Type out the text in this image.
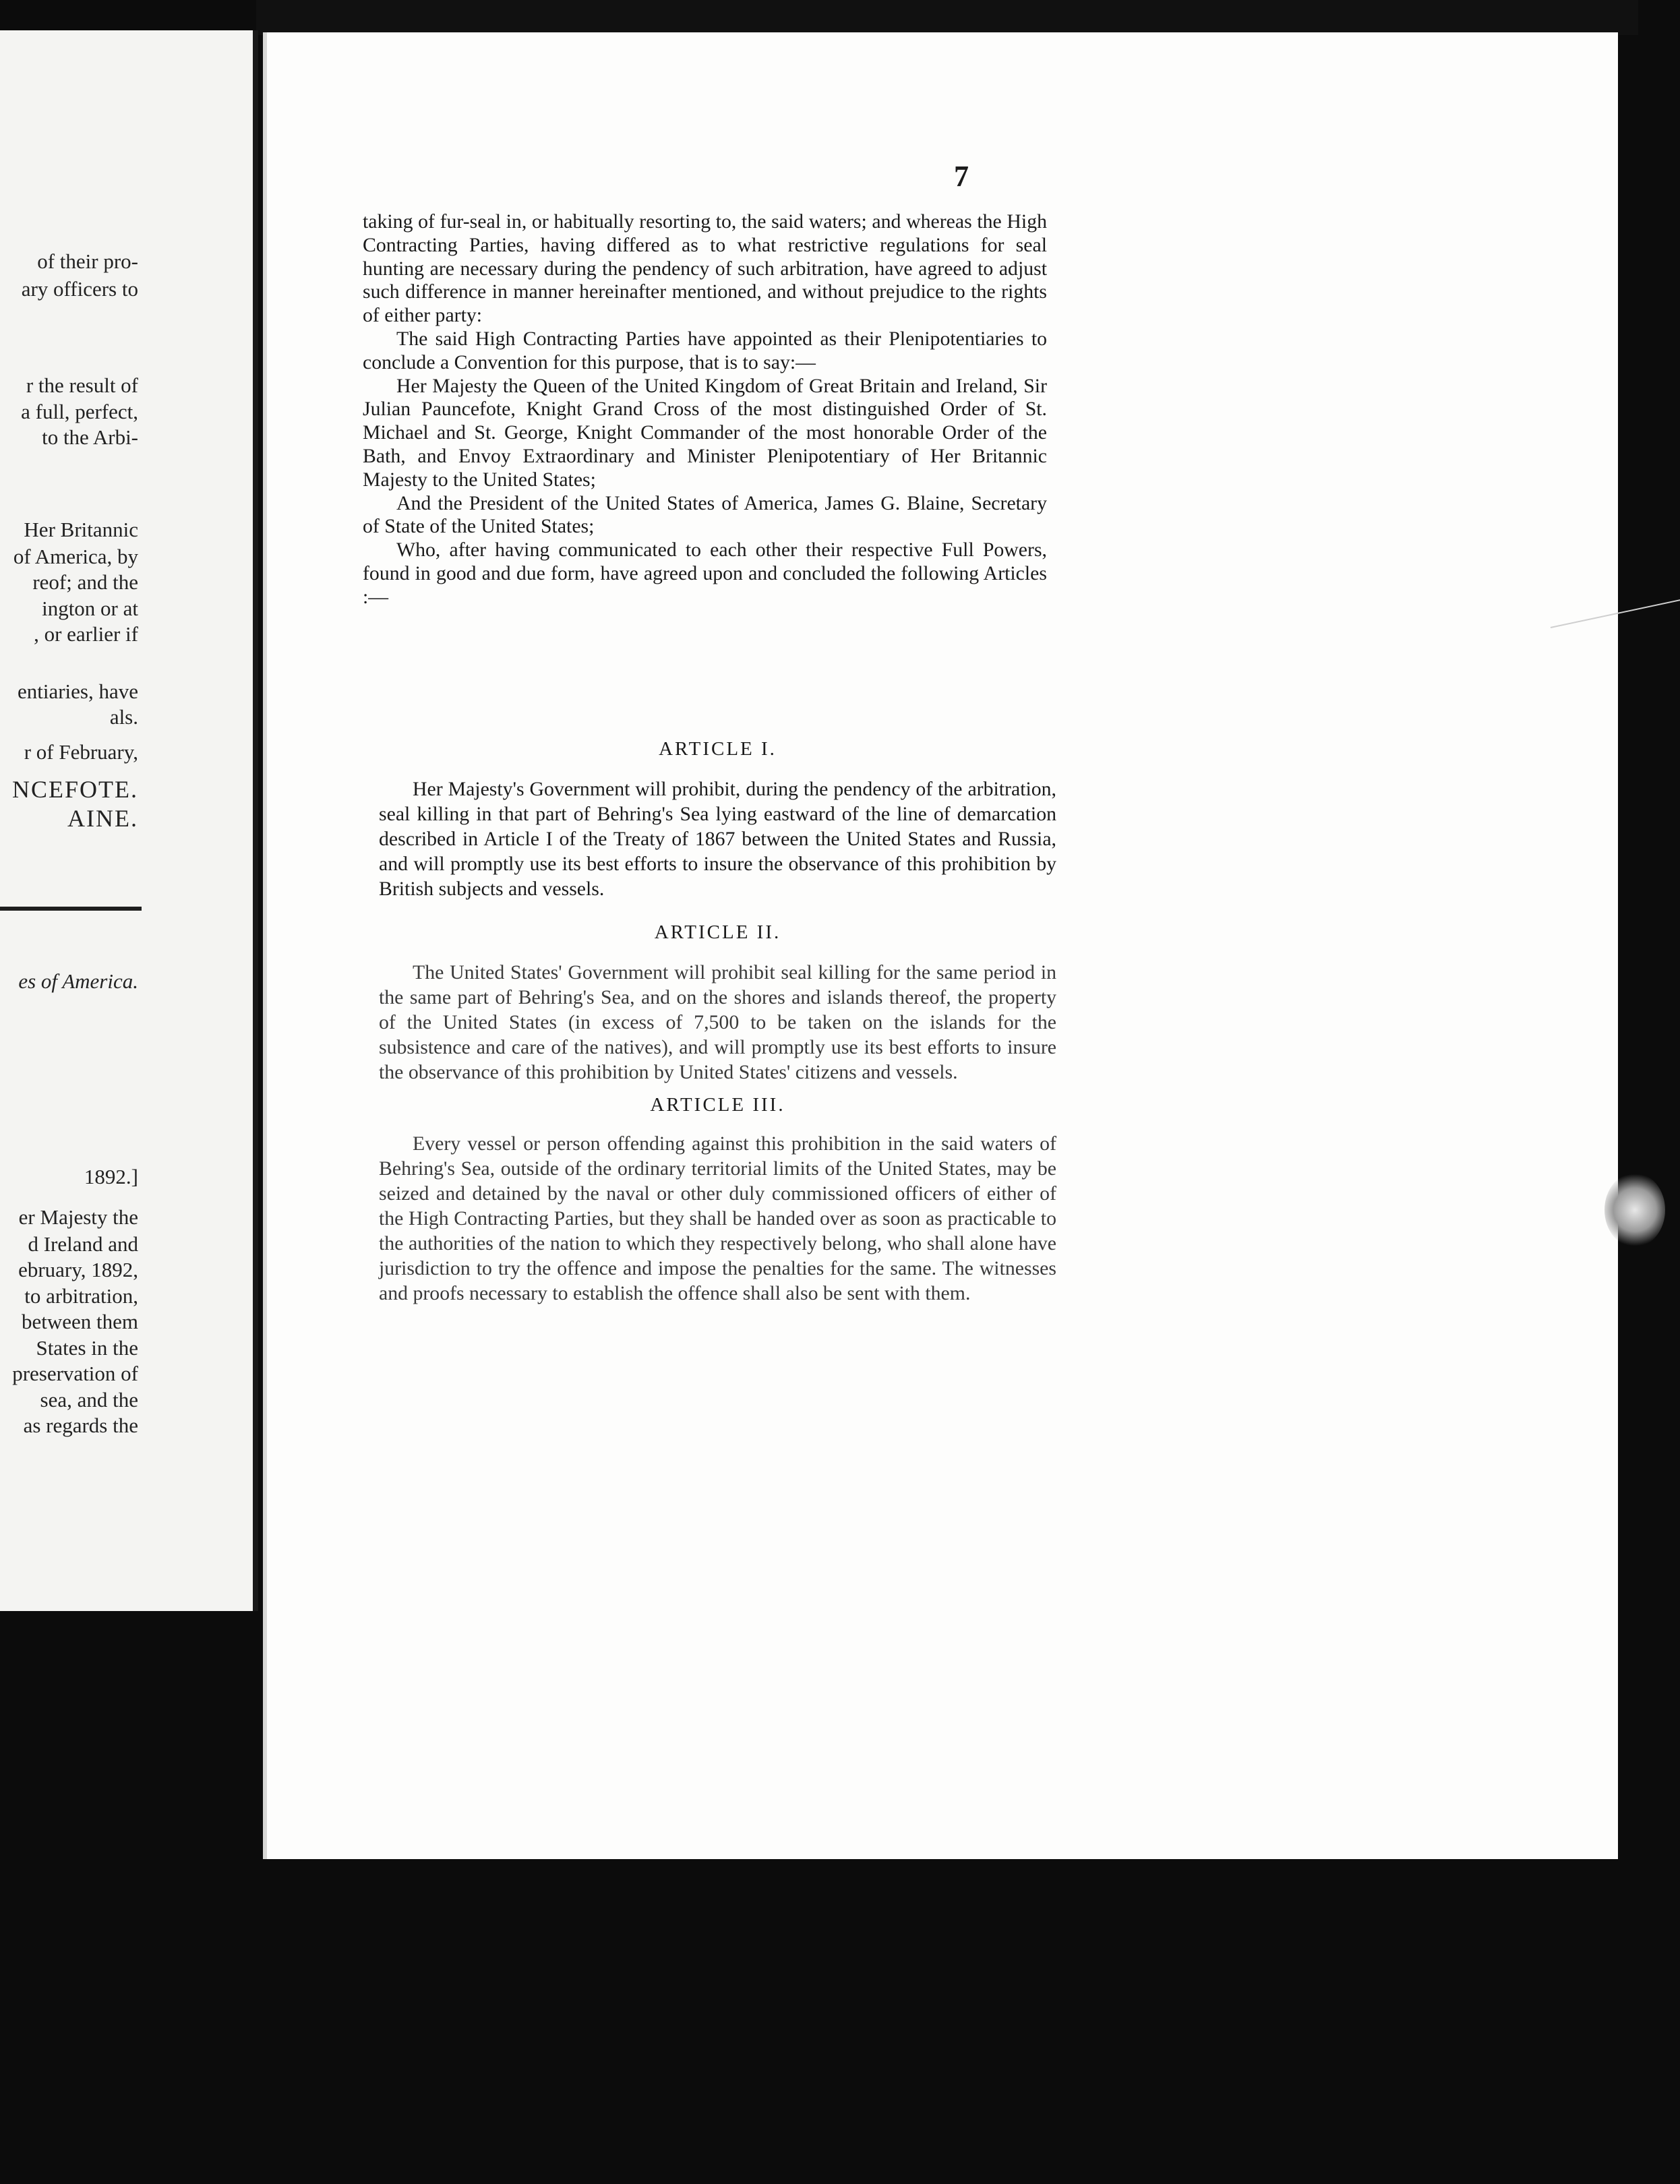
of their pro-
ary officers to
r the result of
a full, perfect,
to the Arbi-
Her Britannic
of America, by
reof; and the
ington or at
, or earlier if
entiaries, have
als.
r of February,
NCEFOTE.
AINE.
es of America.
1892.]
er Majesty the
d Ireland and
ebruary, 1892,
to arbitration,
between them
States in the
preservation of
sea, and the
as regards the
7

taking of fur-seal in, or habitually resorting to, the said waters; and whereas the High Contracting Parties, having differed as to what restrictive regulations for seal hunting are necessary during the pendency of such arbitration, have agreed to adjust such difference in manner hereinafter mentioned, and without prejudice to the rights of either party:

The said High Contracting Parties have appointed as their Plenipotentiaries to conclude a Convention for this purpose, that is to say:—

Her Majesty the Queen of the United Kingdom of Great Britain and Ireland, Sir Julian Pauncefote, Knight Grand Cross of the most distinguished Order of St. Michael and St. George, Knight Commander of the most honorable Order of the Bath, and Envoy Extraordinary and Minister Plenipotentiary of Her Britannic Majesty to the United States;

And the President of the United States of America, James G. Blaine, Secretary of State of the United States;

Who, after having communicated to each other their respective Full Powers, found in good and due form, have agreed upon and concluded the following Articles :—

ARTICLE I.

Her Majesty's Government will prohibit, during the pendency of the arbitration, seal killing in that part of Behring's Sea lying eastward of the line of demarcation described in Article I of the Treaty of 1867 between the United States and Russia, and will promptly use its best efforts to insure the observance of this prohibition by British subjects and vessels.

ARTICLE II.

The United States' Government will prohibit seal killing for the same period in the same part of Behring's Sea, and on the shores and islands thereof, the property of the United States (in excess of 7,500 to be taken on the islands for the subsistence and care of the natives), and will promptly use its best efforts to insure the observance of this prohibition by United States' citizens and vessels.

ARTICLE III.

Every vessel or person offending against this prohibition in the said waters of Behring's Sea, outside of the ordinary territorial limits of the United States, may be seized and detained by the naval or other duly commissioned officers of either of the High Contracting Parties, but they shall be handed over as soon as practicable to the authorities of the nation to which they respectively belong, who shall alone have jurisdiction to try the offence and impose the penalties for the same. The witnesses and proofs necessary to establish the offence shall also be sent with them.
